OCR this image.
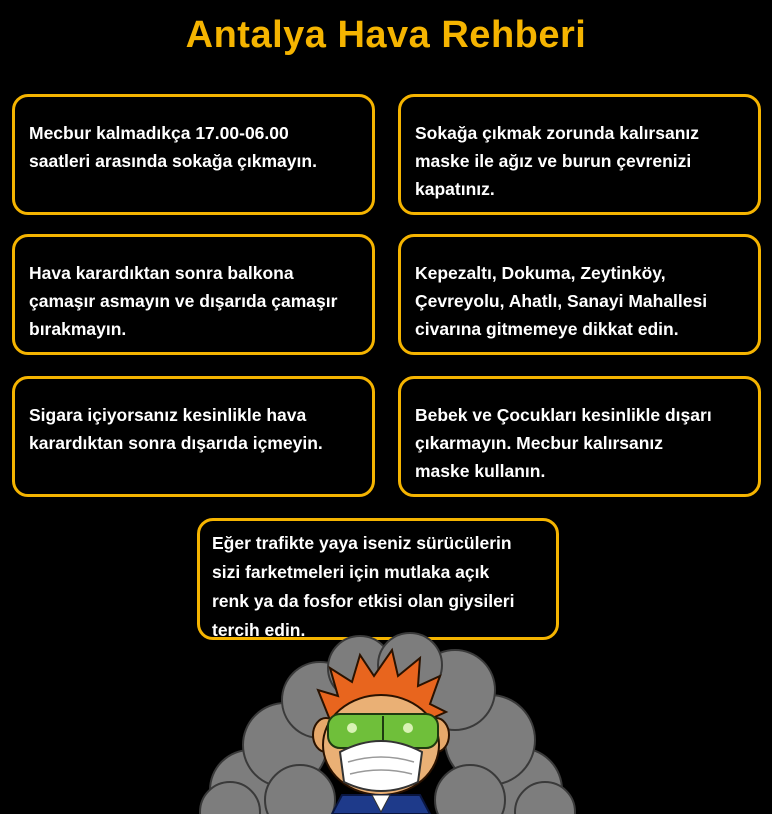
Antalya Hava Rehberi
Mecbur kalmadıkça 17.00-06.00
saatleri arasında sokağa çıkmayın.
Sokağa çıkmak zorunda kalırsanız
maske ile ağız ve burun çevrenizi
kapatınız.
Hava karardıktan sonra balkona
çamaşır asmayın ve dışarıda çamaşır
bırakmayın.
Kepezaltı, Dokuma, Zeytinköy,
Çevreyolu, Ahatlı, Sanayi Mahallesi
civarına gitmemeye dikkat edin.
Sigara içiyorsanız kesinlikle hava
karardıktan sonra dışarıda içmeyin.
Bebek ve Çocukları kesinlikle dışarı
çıkarmayın. Mecbur kalırsanız
maske kullanın.
Eğer trafikte yaya iseniz sürücülerin
sizi farketmeleri için mutlaka açık
renk ya da fosfor etkisi olan giysileri
tercih edin.
